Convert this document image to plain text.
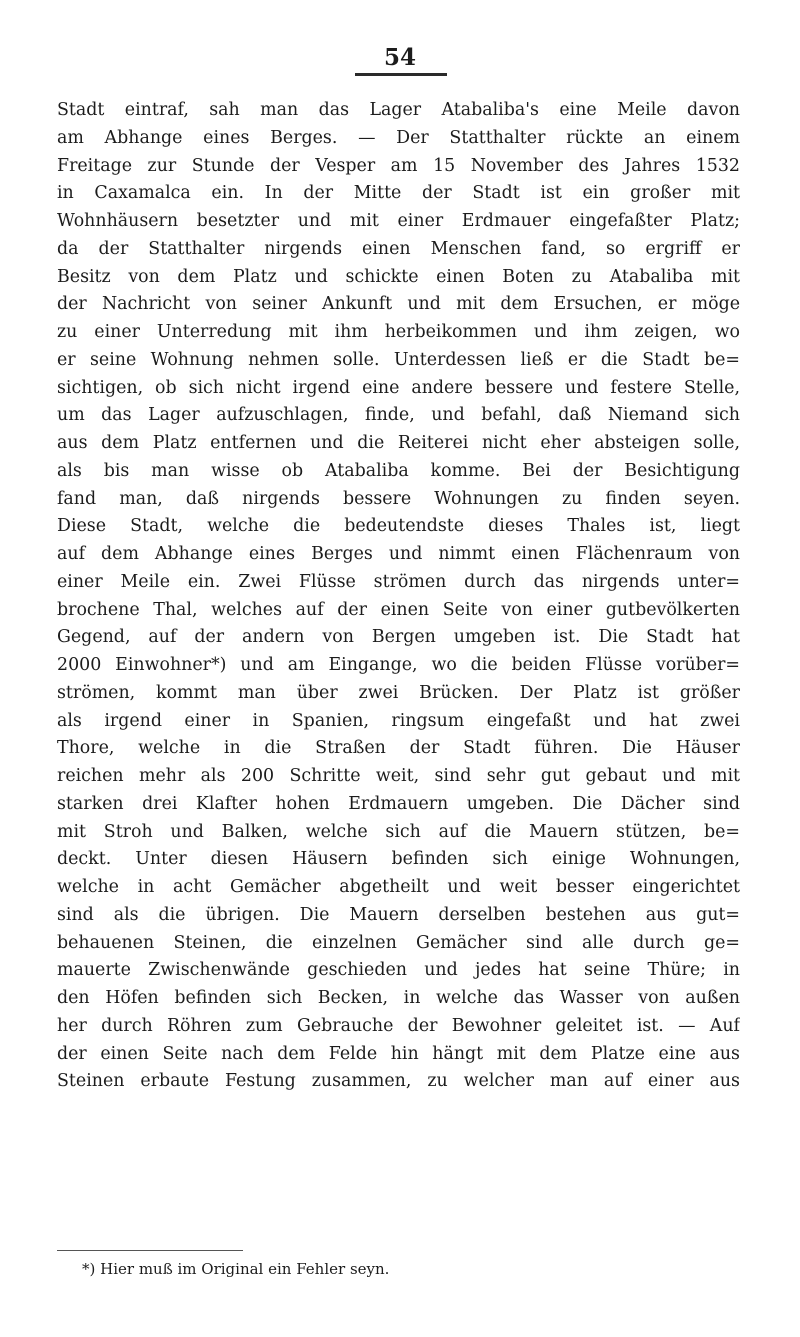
54
Stadt eintraf, sah man das Lager Atabaliba's eine Meile davon
am Abhange eines Berges. — Der Statthalter rückte an einem
Freitage zur Stunde der Vesper am 15 November des Jahres 1532
in Caxamalca ein. In der Mitte der Stadt ist ein großer mit
Wohnhäusern besetzter und mit einer Erdmauer eingefaßter Platz;
da der Statthalter nirgends einen Menschen fand, so ergriff er
Besitz von dem Platz und schickte einen Boten zu Atabaliba mit
der Nachricht von seiner Ankunft und mit dem Ersuchen, er möge
zu einer Unterredung mit ihm herbeikommen und ihm zeigen, wo
er seine Wohnung nehmen solle. Unterdessen ließ er die Stadt be=
sichtigen, ob sich nicht irgend eine andere bessere und festere Stelle,
um das Lager aufzuschlagen, finde, und befahl, daß Niemand sich
aus dem Platz entfernen und die Reiterei nicht eher absteigen solle,
als bis man wisse ob Atabaliba komme. Bei der Besichtigung
fand man, daß nirgends bessere Wohnungen zu finden seyen.
Diese Stadt, welche die bedeutendste dieses Thales ist, liegt
auf dem Abhange eines Berges und nimmt einen Flächenraum von
einer Meile ein. Zwei Flüsse strömen durch das nirgends unter=
brochene Thal, welches auf der einen Seite von einer gutbevölkerten
Gegend, auf der andern von Bergen umgeben ist. Die Stadt hat
2000 Einwohner*) und am Eingange, wo die beiden Flüsse vorüber=
strömen, kommt man über zwei Brücken. Der Platz ist größer
als irgend einer in Spanien, ringsum eingefaßt und hat zwei
Thore, welche in die Straßen der Stadt führen. Die Häuser
reichen mehr als 200 Schritte weit, sind sehr gut gebaut und mit
starken drei Klafter hohen Erdmauern umgeben. Die Dächer sind
mit Stroh und Balken, welche sich auf die Mauern stützen, be=
deckt. Unter diesen Häusern befinden sich einige Wohnungen,
welche in acht Gemächer abgetheilt und weit besser eingerichtet
sind als die übrigen. Die Mauern derselben bestehen aus gut=
behauenen Steinen, die einzelnen Gemächer sind alle durch ge=
mauerte Zwischenwände geschieden und jedes hat seine Thüre; in
den Höfen befinden sich Becken, in welche das Wasser von außen
her durch Röhren zum Gebrauche der Bewohner geleitet ist. — Auf
der einen Seite nach dem Felde hin hängt mit dem Platze eine aus
Steinen erbaute Festung zusammen, zu welcher man auf einer aus
*) Hier muß im Original ein Fehler seyn.
